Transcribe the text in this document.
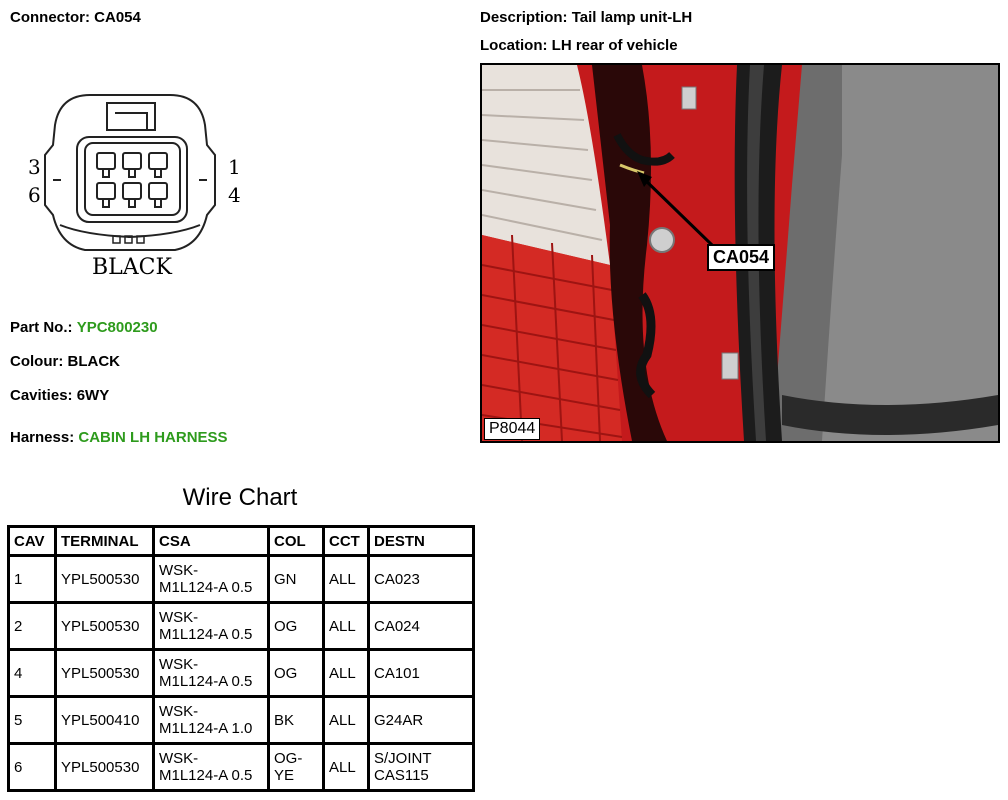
Connector: CA054	Description: Tail lamp unit-LH
Location: LH rear of vehicle
3
6
1
4
BLACK
Part No.: YPC800230
Colour: BLACK
Cavities: 6WY
Harness: CABIN LH HARNESS
CA054
P8044
Wire Chart
CAV	TERMINAL	CSA	COL	CCT	DESTN
1	YPL500530	WSK-
M1L124-A 0.5	GN	ALL	CA023

2	YPL500530	WSK-
M1L124-A 0.5	OG	ALL	CA024

4	YPL500530	WSK-
M1L124-A 0.5	OG	ALL	CA101

5	YPL500410	WSK-
M1L124-A 1.0	BK	ALL	G24AR

6	YPL500530	WSK-
M1L124-A 0.5	OG-
YE	ALL	S/JOINT
CAS115
